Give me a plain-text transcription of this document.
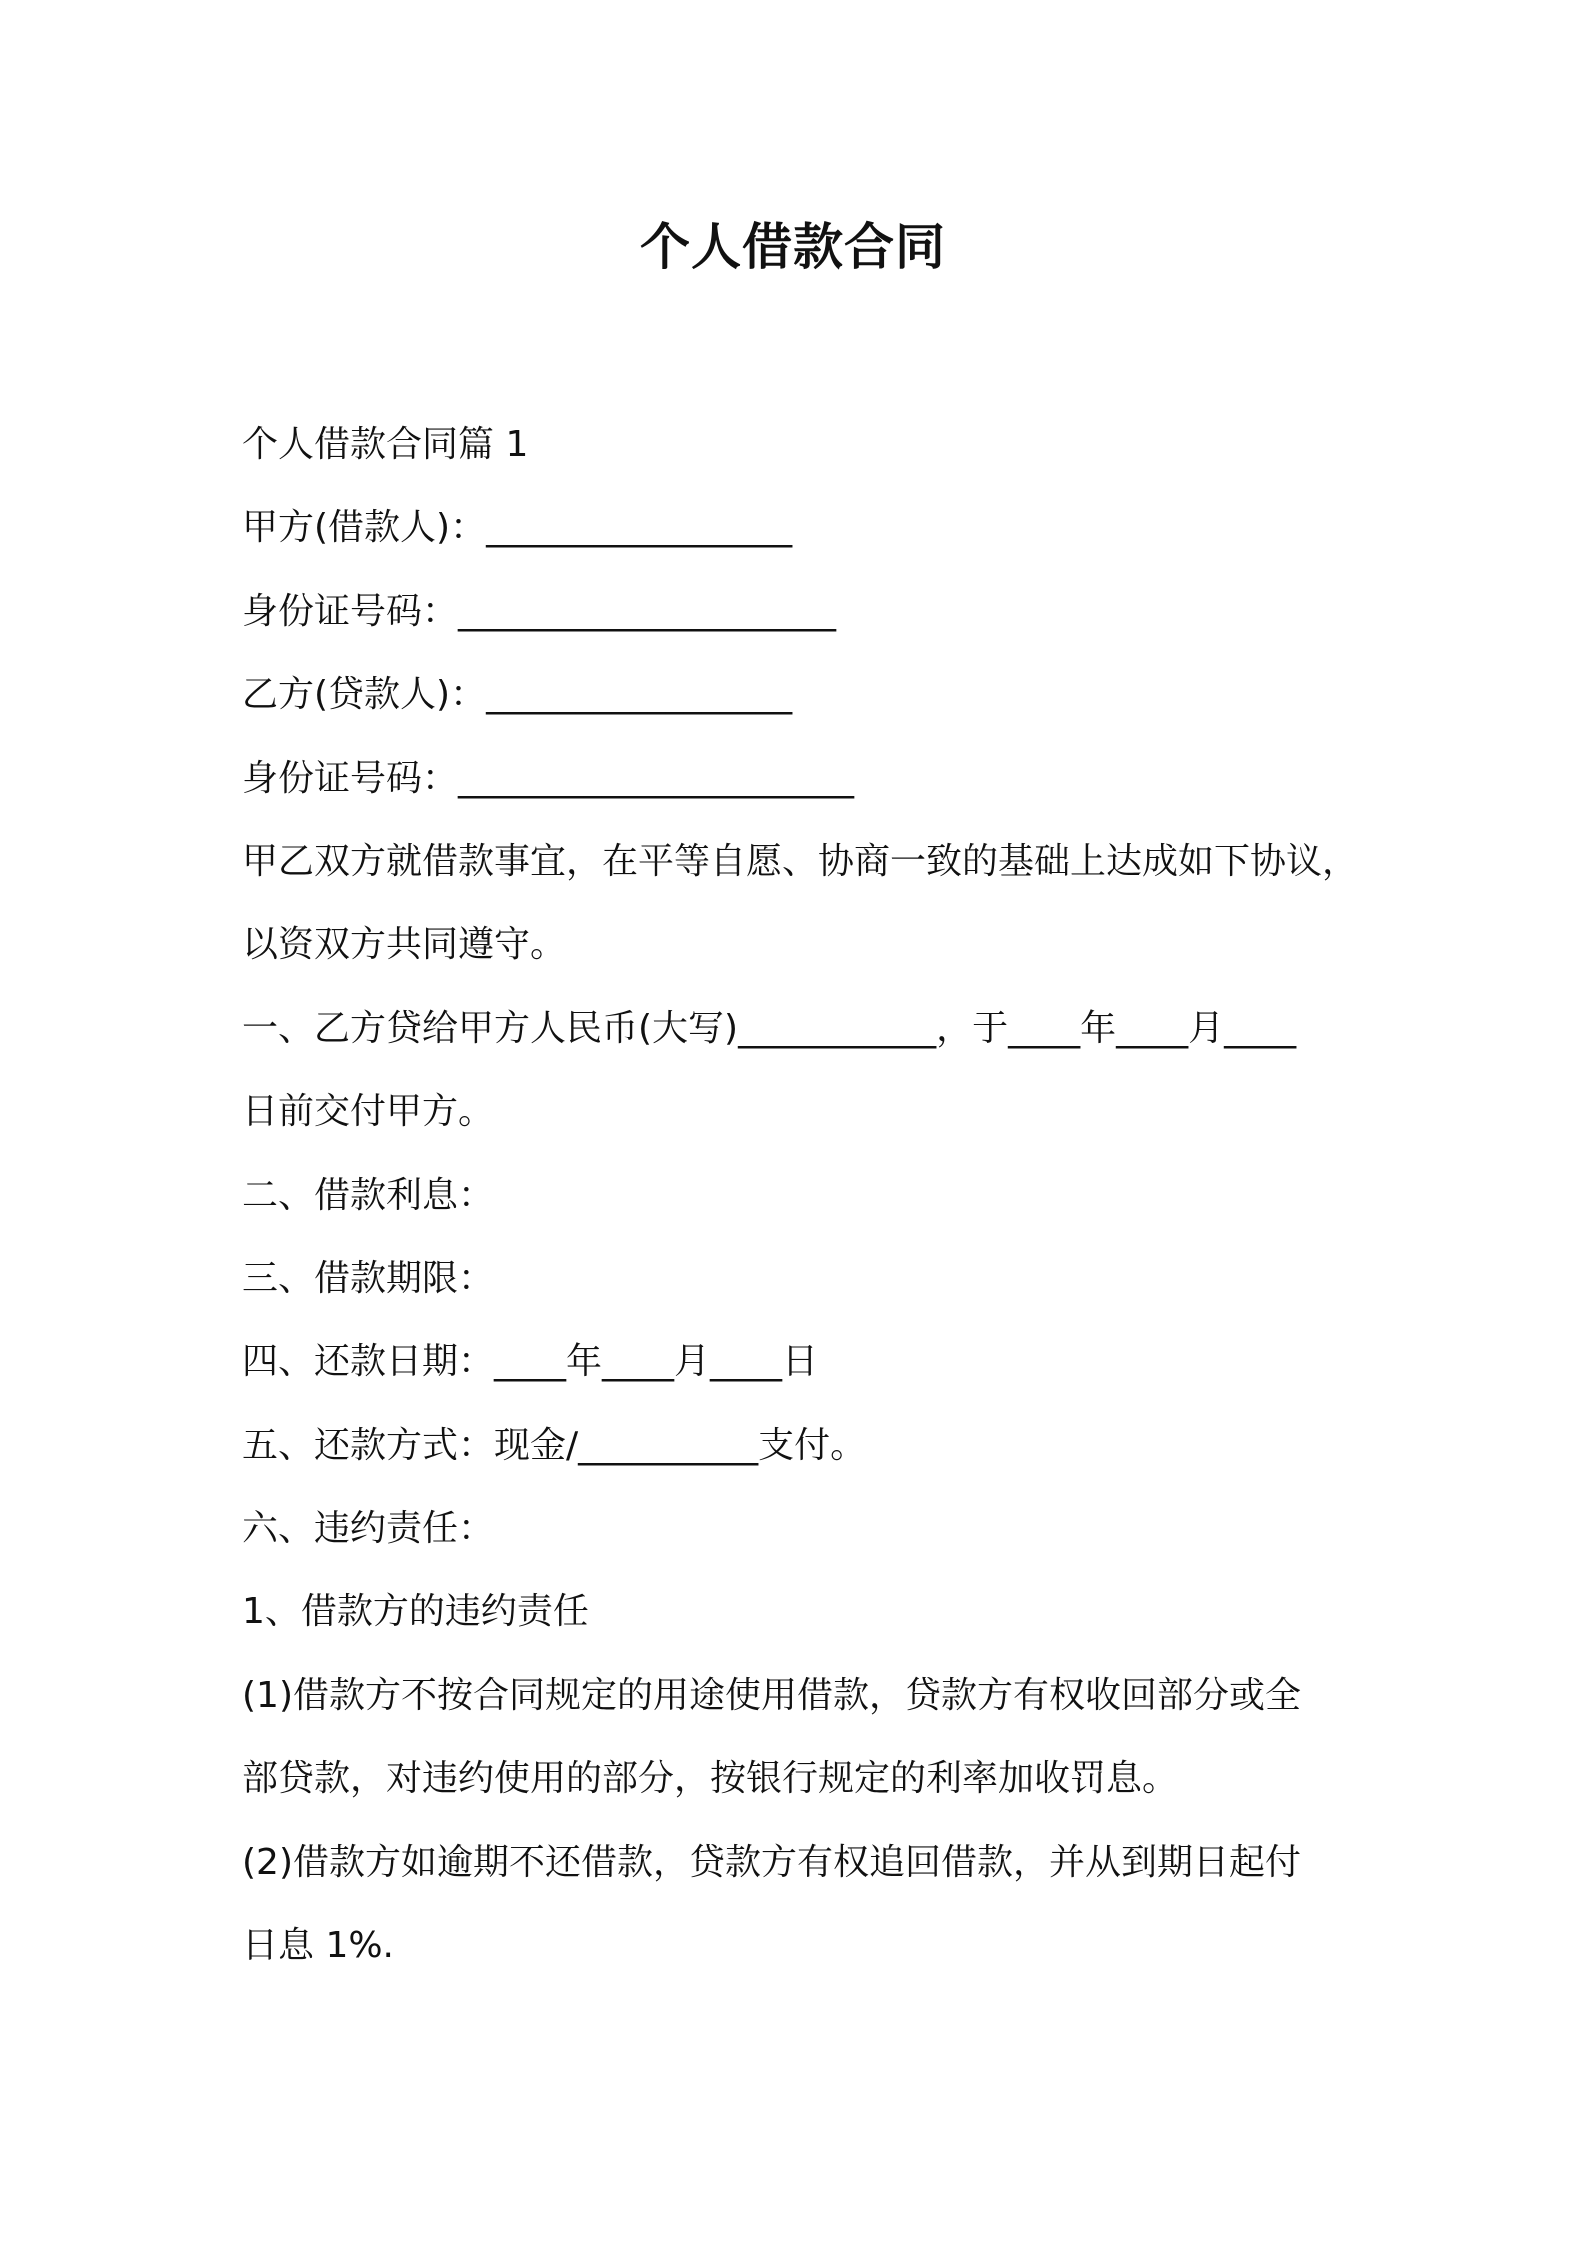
个人借款合同
个人借款合同篇 1
甲方(借款人)：_________________
身份证号码：_____________________
乙方(贷款人)：_________________
身份证号码：______________________
甲乙双方就借款事宜，在平等自愿、协商一致的基础上达成如下协议，
以资双方共同遵守。
一、乙方贷给甲方人民币(大写)___________，于____年____月____
日前交付甲方。
二、借款利息：
三、借款期限：
四、还款日期：____年____月____日
五、还款方式：现金/__________支付。
六、违约责任：
1、借款方的违约责任
(1)借款方不按合同规定的用途使用借款，贷款方有权收回部分或全
部贷款，对违约使用的部分，按银行规定的利率加收罚息。
(2)借款方如逾期不还借款，贷款方有权追回借款，并从到期日起付
日息 1%.
